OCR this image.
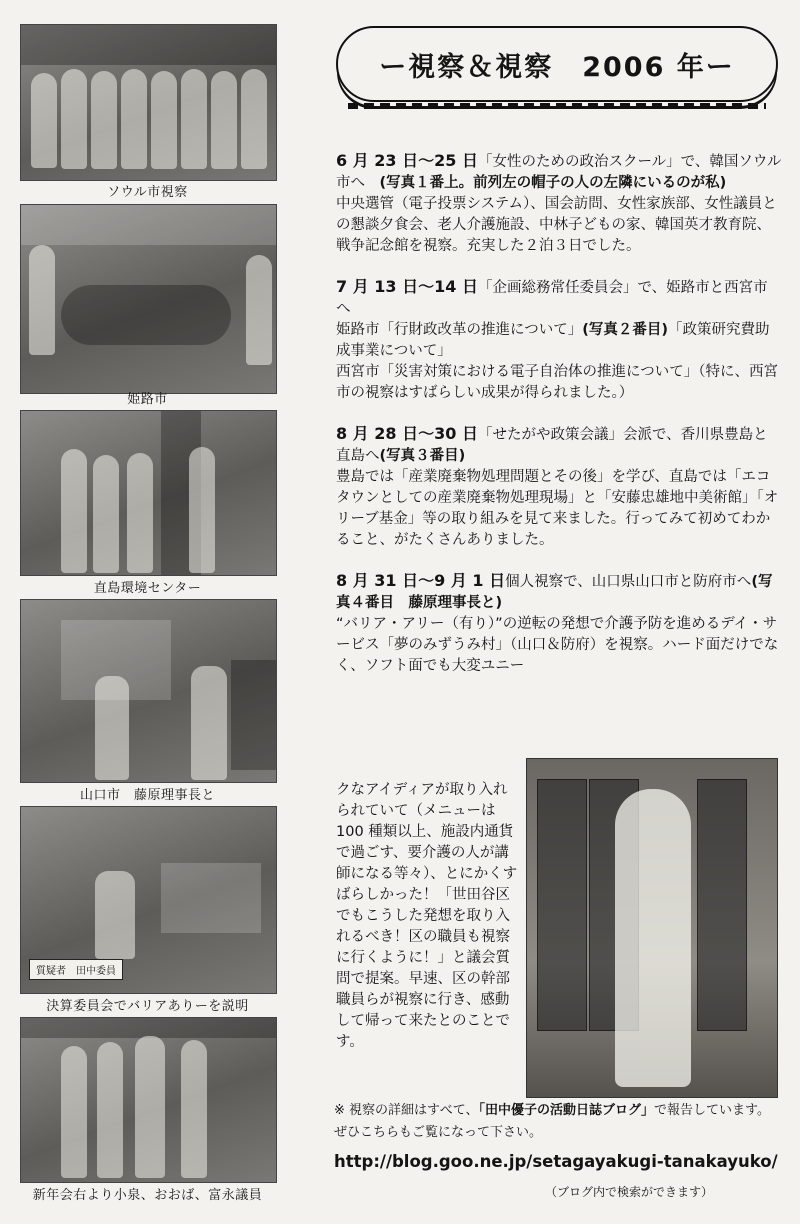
ソウル市視察
姫路市
直島環境センター
山口市　藤原理事長と
質疑者　田中委員
決算委員会でバリアありーを説明
新年会右より小泉、おおば、富永議員
ー視察＆視察　2006 年ー

6 月 23 日〜25 日「女性のための政治スクール」で、韓国ソウル市へ　(写真１番上。前列左の帽子の人の左隣にいるのが私)

中央選管（電子投票システム）、国会訪問、女性家族部、女性議員との懇談夕食会、老人介護施設、中林子どもの家、韓国英才教育院、戦争記念館を視察。充実した２泊３日でした。

7 月 13 日〜14 日「企画総務常任委員会」で、姫路市と西宮市へ

姫路市「行財政改革の推進について」(写真２番目)「政策研究費助成事業について」

西宮市「災害対策における電子自治体の推進について」（特に、西宮市の視察はすばらしい成果が得られました。）

8 月 28 日〜30 日「せたがや政策会議」会派で、香川県豊島と直島へ(写真３番目)

豊島では「産業廃棄物処理問題とその後」を学び、直島では「エコタウンとしての産業廃棄物処理現場」と「安藤忠雄地中美術館」「オリーブ基金」等の取り組みを見て来ました。行ってみて初めてわかること、がたくさんありました。

8 月 31 日〜9 月 1 日個人視察で、山口県山口市と防府市へ(写真４番目　藤原理事長と)

“バリア・アリー（有り）”の逆転の発想で介護予防を進めるデイ・サービス「夢のみずうみ村」（山口＆防府）を視察。ハード面だけでなく、ソフト面でも大変ユニー

クなアイディアが取り入れられていて（メニューは 100 種類以上、施設内通貨で過ごす、要介護の人が講師になる等々）、とにかくすばらしかった！「世田谷区でもこうした発想を取り入れるべき！区の職員も視察に行くように！」と議会質問で提案。早速、区の幹部職員らが視察に行き、感動して帰って来たとのことです。
※ 視察の詳細はすべて、「田中優子の活動日誌ブログ」で報告しています。ぜひこちらもご覧になって下さい。
http://blog.goo.ne.jp/setagayakugi-tanakayuko/
（ブログ内で検索ができます）
